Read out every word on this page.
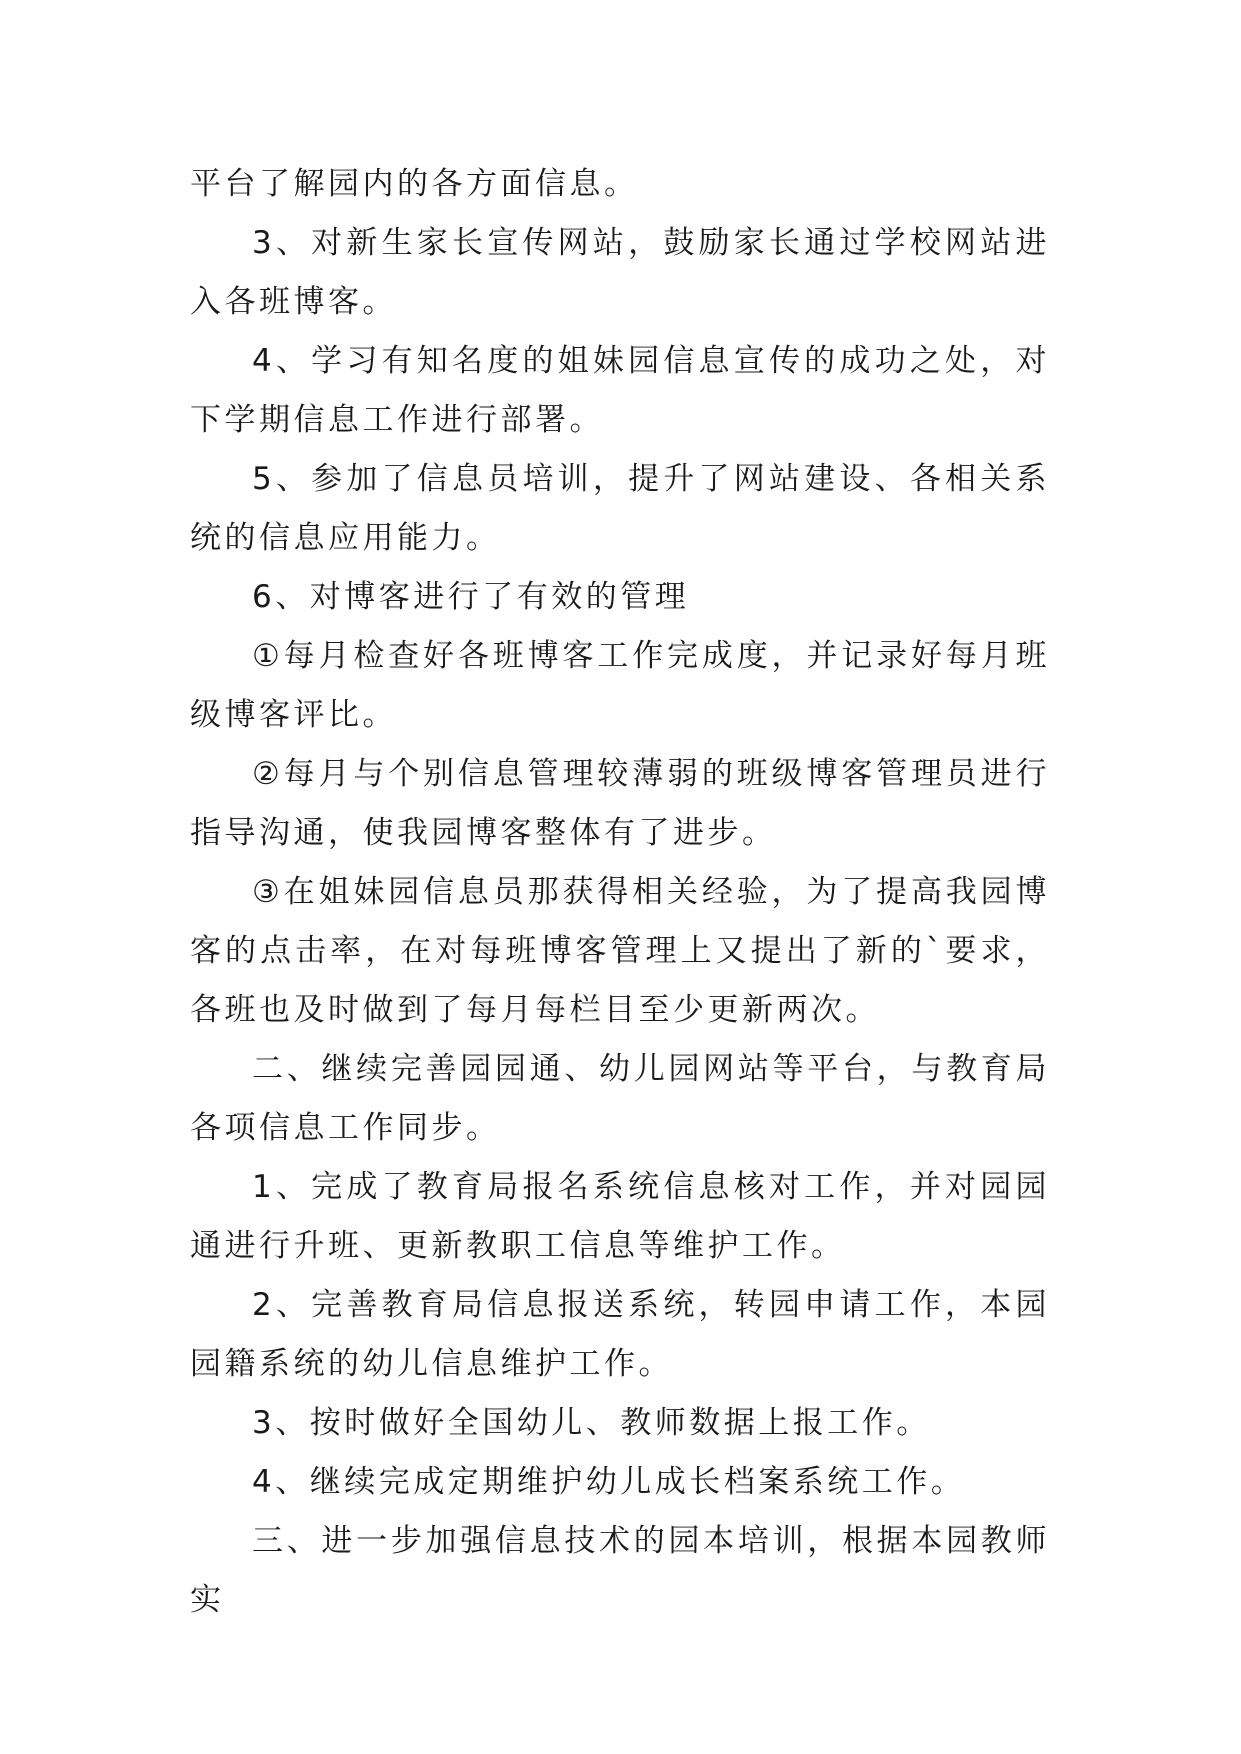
平台了解园内的各方面信息。

3、对新生家长宣传网站，鼓励家长通过学校网站进入各班博客。

4、学习有知名度的姐妹园信息宣传的成功之处，对下学期信息工作进行部署。

5、参加了信息员培训，提升了网站建设、各相关系统的信息应用能力。

6、对博客进行了有效的管理

①每月检查好各班博客工作完成度，并记录好每月班级博客评比。

②每月与个别信息管理较薄弱的班级博客管理员进行指导沟通，使我园博客整体有了进步。

③在姐妹园信息员那获得相关经验，为了提高我园博客的点击率，在对每班博客管理上又提出了新的`要求，各班也及时做到了每月每栏目至少更新两次。

二、继续完善园园通、幼儿园网站等平台，与教育局各项信息工作同步。

1、完成了教育局报名系统信息核对工作，并对园园通进行升班、更新教职工信息等维护工作。

2、完善教育局信息报送系统，转园申请工作，本园园籍系统的幼儿信息维护工作。

3、按时做好全国幼儿、教师数据上报工作。

4、继续完成定期维护幼儿成长档案系统工作。

三、进一步加强信息技术的园本培训，根据本园教师实
